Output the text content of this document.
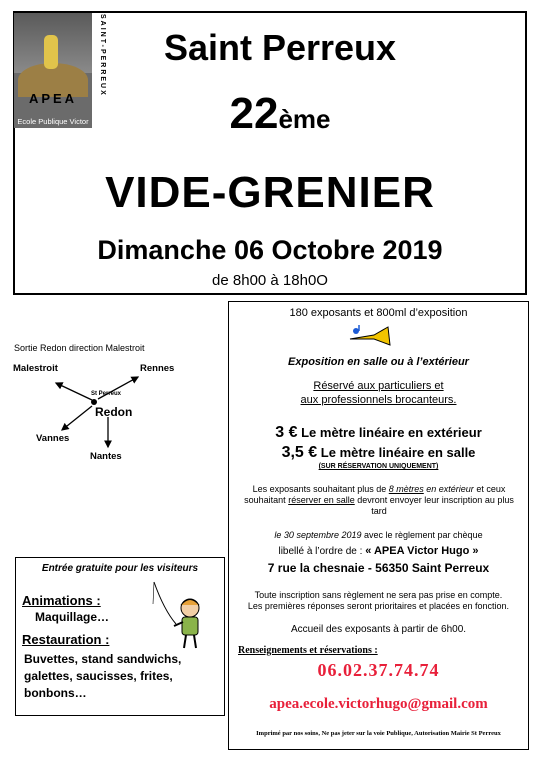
APEA
Ecole Publique Victor Hugo
SAINT-PERREUX	Saint Perreux
22ème
VIDE-GRENIER
Dimanche 06 Octobre 2019
de 8h00 à 18h0O
Sortie Redon direction Malestroit
Malestroit	Rennes
St Perreux
Redon
Vannes
Nantes
Entrée gratuite pour les visiteurs
Animations :
Maquillage…
Restauration :
Buvettes, stand sandwichs, galettes, saucisses, frites, bonbons…
180 exposants et 800ml d’exposition
Exposition en salle ou à l’extérieur
Réservé aux particuliers et
aux professionnels brocanteurs.
3 € Le mètre linéaire en extérieur
3,5 € Le mètre linéaire en salle
(SUR RÉSERVATION UNIQUEMENT)
Les exposants souhaitant plus de 8 mètres en extérieur et ceux souhaitant réserver en salle devront envoyer leur inscription au plus tard
le 30 septembre 2019 avec le règlement par chèque
libellé à l’ordre de : « APEA Victor Hugo »
7 rue la chesnaie - 56350 Saint Perreux
Toute inscription sans règlement ne sera pas prise en compte.
Les premières réponses seront prioritaires et placées en fonction.
Accueil des exposants à partir de 6h00.
Renseignements et réservations :
06.02.37.74.74
apea.ecole.victorhugo@gmail.com
Imprimé par nos soins, Ne pas jeter sur la voie Publique, Autorisation Mairie St Perreux
